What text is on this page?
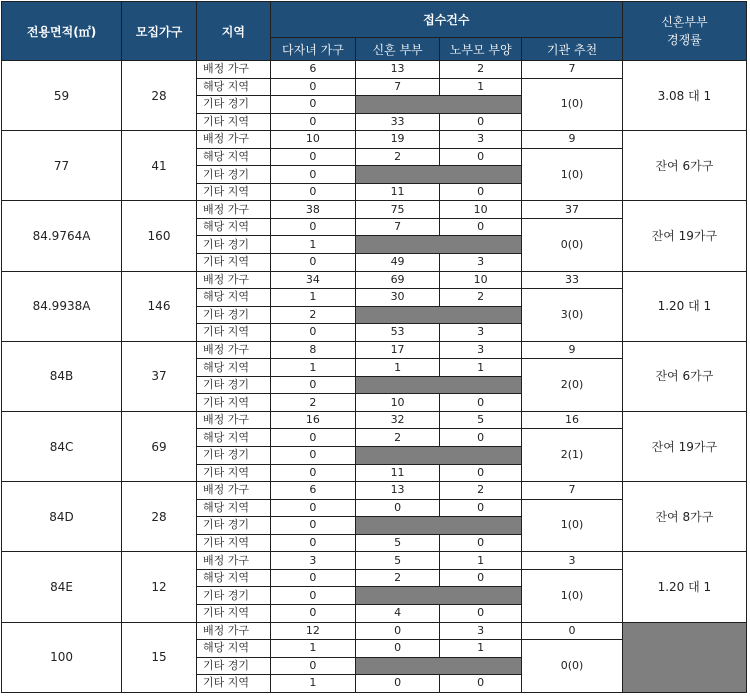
전용면적(㎡)	모집가구	지역	접수건수				신혼부부
경쟁률
			다자녀 가구	신혼 부부	노부모 부양	기관 추천	
59	28	배정 가구	6	13	2	7	3.08 대 1
		해당 지역	0	7	1	1(0)	
		기타 경기	0				
		기타 지역	0	33	0		
77	41	배정 가구	10	19	3	9	잔여 6가구
		해당 지역	0	2	0	1(0)	
		기타 경기	0				
		기타 지역	0	11	0		
84.9764A	160	배정 가구	38	75	10	37	잔여 19가구
		해당 지역	0	7	0	0(0)	
		기타 경기	1				
		기타 지역	0	49	3		
84.9938A	146	배정 가구	34	69	10	33	1.20 대 1
		해당 지역	1	30	2	3(0)	
		기타 경기	2				
		기타 지역	0	53	3		
84B	37	배정 가구	8	17	3	9	잔여 6가구
		해당 지역	1	1	1	2(0)	
		기타 경기	0				
		기타 지역	2	10	0		
84C	69	배정 가구	16	32	5	16	잔여 19가구
		해당 지역	0	2	0	2(1)	
		기타 경기	0				
		기타 지역	0	11	0		
84D	28	배정 가구	6	13	2	7	잔여 8가구
		해당 지역	0	0	0	1(0)	
		기타 경기	0				
		기타 지역	0	5	0		
84E	12	배정 가구	3	5	1	3	1.20 대 1
		해당 지역	0	2	0	1(0)	
		기타 경기	0				
		기타 지역	0	4	0		
100	15	배정 가구	12	0	3	0	
		해당 지역	1	0	1	0(0)	
		기타 경기	0				
		기타 지역	1	0	0		
